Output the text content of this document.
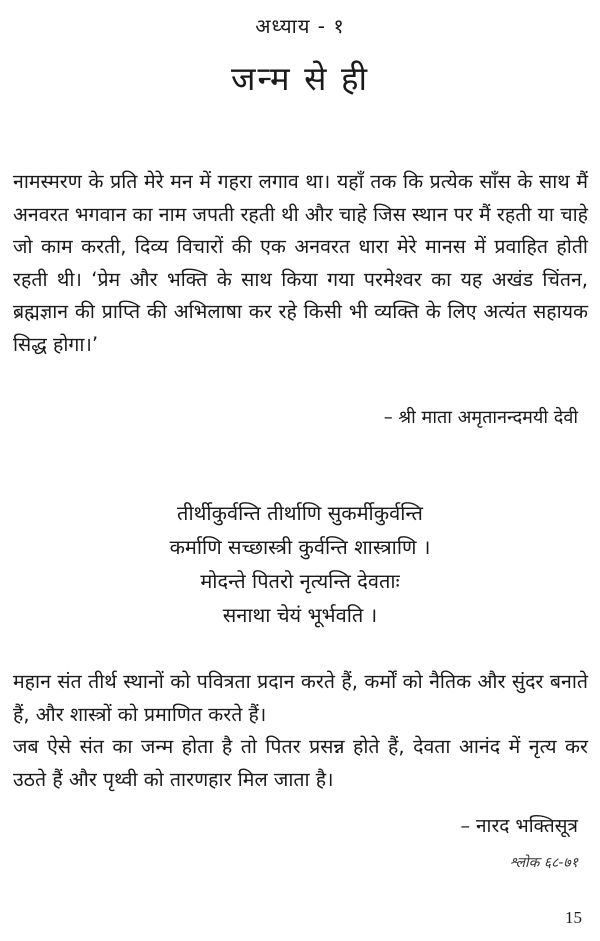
अध्याय - १
जन्म से ही
नामस्मरण के प्रति मेरे मन में गहरा लगाव था। यहाँ तक कि प्रत्येक साँस के साथ मैं अनवरत भगवान का नाम जपती रहती थी और चाहे जिस स्थान पर मैं रहती या चाहे जो काम करती, दिव्य विचारों की एक अनवरत धारा मेरे मानस में प्रवाहित होती रहती थी। ‘प्रेम और भक्ति के साथ किया गया परमेश्वर का यह अखंड चिंतन, ब्रह्मज्ञान की प्राप्ति की अभिलाषा कर रहे किसी भी व्यक्ति के लिए अत्यंत सहायक सिद्ध होगा।’
– श्री माता अमृतानन्दमयी देवी
तीर्थीकुर्वन्ति तीर्थाणि सुकर्मीकुर्वन्ति
कर्माणि सच्छास्त्री कुर्वन्ति शास्त्राणि ।
मोदन्ते पितरो नृत्यन्ति देवताः
सनाथा चेयं भूर्भवति ।

महान संत तीर्थ स्थानों को पवित्रता प्रदान करते हैं, कर्मों को नैतिक और सुंदर बनाते हैं, और शास्त्रों को प्रमाणित करते हैं।

जब ऐसे संत का जन्म होता है तो पितर प्रसन्न होते हैं, देवता आनंद में नृत्य कर उठते हैं और पृथ्वी को तारणहार मिल जाता है।

– नारद भक्तिसूत्र
श्लोक ६८-७१
15
